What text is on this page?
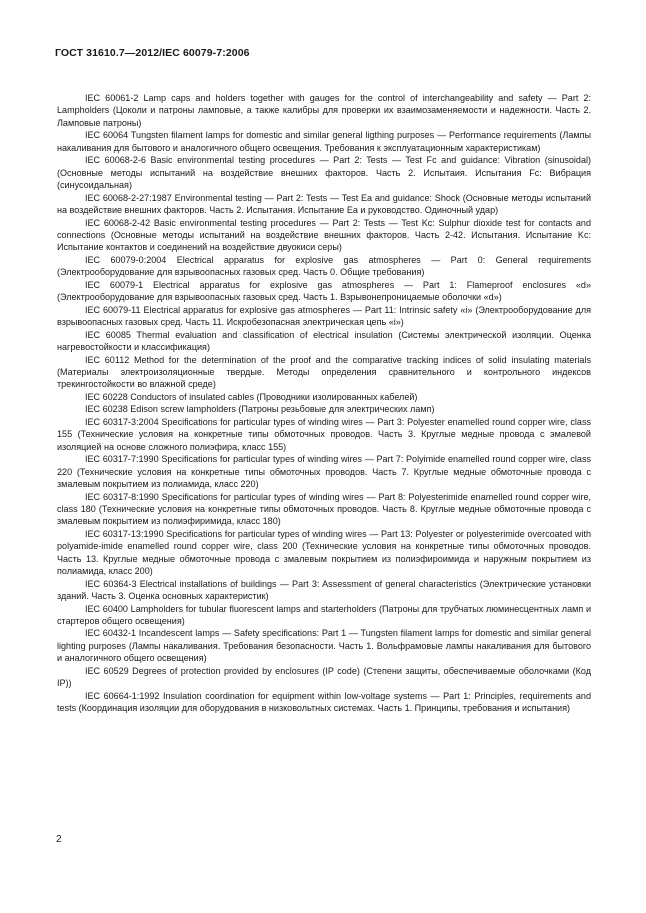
ГОСТ 31610.7—2012/IEC 60079-7:2006

IEC 60061-2 Lamp caps and holders together with gauges for the control of interchangeability and safety — Part 2: Lampholders (Цоколи и патроны ламповые, а также калибры для проверки их взаимозаменяемости и надежности. Часть 2. Ламповые патроны)

IEC 60064 Tungsten filament lamps for domestic and similar general ligthing purposes — Performance requirements (Лампы накаливания для бытового и аналогичного общего освещения. Требования к эксплуатационным характеристикам)

IEC 60068-2-6 Basic environmental testing procedures — Part 2: Tests — Test Fc and guidance: Vibration (sinusoidal) (Основные методы испытаний на воздействие внешних факторов. Часть 2. Испытаия. Испытания Fc: Вибрация (синусоидальная)

IEC 60068-2-27:1987 Environmental testing — Part 2: Tests — Test Ea and guidance: Shock (Основные методы испытаний на воздействие внешних факторов. Часть 2. Испытания. Испытание Ea и руководство. Одиночный удар)

IEC 60068-2-42 Basic environmental testing procedures — Part 2: Tests — Test Kc: Sulphur dioxide test for contacts and connections (Основные методы испытаний на воздействие внешних факторов. Часть 2-42. Испытания. Испытание Kc: Испытание контактов и соединений на воздействие двуокиси серы)

IEC 60079-0:2004 Electrical apparatus for explosive gas atmospheres — Part 0: General requirements (Электрооборудование для взрывоопасных газовых сред. Часть 0. Общие требования)

IEC 60079-1 Electrical apparatus for explosive gas atmospheres — Part 1: Flameproof enclosures «d» (Электрооборудование для взрывоопасных газовых сред. Часть 1. Взрывонепроницаемые оболочки «d»)

IEC 60079-11 Electrical apparatus for explosive gas atmospheres — Part 11: Intrinsic safety «i» (Электрооборудование для взрывоопасных газовых сред. Часть 11. Искробезопасная электрическая цепь «i»)

IEC 60085 Thermal evaluation and classification of electrical insulation (Системы электрической изоляции. Оценка нагревостойкости и классификация)

IEC 60112 Method for the determination of the proof and the comparative tracking indices of solid insulating materials (Материалы электроизоляционные твердые. Методы определения сравнительного и контрольного индексов трекингостойкости во влажной среде)

IEC 60228 Conductors of insulated cables (Проводники изолированных кабелей)

IEC 60238 Edison screw lampholders (Патроны резьбовые для электрических ламп)

IEC 60317-3:2004 Specifications for particular types of winding wires — Part 3: Polyester enamelled round copper wire, class 155 (Технические условия на конкретные типы обмоточных проводов. Часть 3. Круглые медные провода с эмалевой изоляцией на основе сложного полиэфира, класс 155)

IEC 60317-7:1990 Specifications for particular types of winding wires — Part 7: Polyimide enamelled round copper wire, class 220 (Технические условия на конкретные типы обмоточных проводов. Часть 7. Круглые медные обмоточные провода с змалевым покрытием из полиамида, класс 220)

IEC 60317-8:1990 Specifications for particular types of winding wires — Part 8: Polyesterimide enamelled round copper wire, class 180 (Технические условия на конкретные типы обмоточных проводов. Часть 8. Круглые медные обмоточные провода с змалевым покрытием из полиэфиримида, класс 180)

IEC 60317-13:1990 Specifications for particular types of winding wires — Part 13: Polyester or polyesterimide overcoated with polyamide-imide enamelled round copper wire, class 200 (Технические условия на конкретные типы обмоточных проводов. Часть 13. Круглые медные обмоточные провода с змалевым покрытием из полиэфироимида и наружным покрытием из полиамида, класс 200)

IEC 60364-3 Electrical installations of buildings — Part 3: Assessment of general characteristics (Электрические установки зданий. Часть 3. Оценка основных характеристик)

IEC 60400 Lampholders for tubular fluorescent lamps and starterholders (Патроны для трубчатых люминесцентных ламп и стартеров общего освещения)

IEC 60432-1 Incandescent lamps — Safety specifications: Part 1 — Tungsten filament lamps for domestic and similar general lighting purposes (Лампы накаливания. Требования безопасности. Часть 1. Вольфрамовые лампы накаливания для бытового и аналогичного общего освещения)

IEC 60529 Degrees of protection provided by enclosures (IP code) (Степени защиты, обеспечиваемые оболочками (Код IP))

IEC 60664-1:1992 Insulation coordination for equipment within low-voltage systems — Part 1: Principles, requirements and tests (Координация изоляции для оборудования в низковольтных системах. Часть 1. Принципы, требования и испытания)

2
